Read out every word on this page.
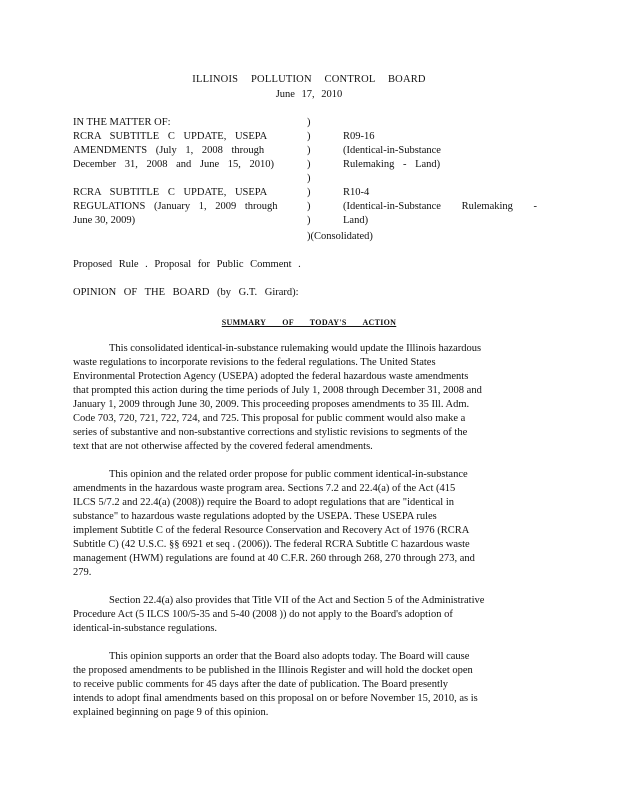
ILLINOIS POLLUTION CONTROL BOARD
June 17, 2010
IN THE MATTER OF:
RCRA SUBTITLE C UPDATE, USEPA
AMENDMENTS (July 1, 2008 through
December 31, 2008 and June 15, 2010)
RCRA SUBTITLE C UPDATE, USEPA
REGULATIONS (January 1, 2009 through
June 30, 2009)
)
)
)
)
)
)
)
)
)(Consolidated)
R09-16
(Identical-in-Substance
Rulemaking - Land)
R10-4
(Identical-in-Substance Rulemaking -
Land)
Proposed Rule . Proposal for Public Comment .
OPINION OF THE BOARD (by G.T. Girard):
SUMMARY OF TODAY'S ACTION
This consolidated identical-in-substance rulemaking would update the Illinois hazardous
waste regulations to incorporate revisions to the federal regulations. The United States
Environmental Protection Agency (USEPA) adopted the federal hazardous waste amendments
that prompted this action during the time periods of July 1, 2008 through December 31, 2008 and
January 1, 2009 through June 30, 2009. This proceeding proposes amendments to 35 Ill. Adm.
Code 703, 720, 721, 722, 724, and 725. This proposal for public comment would also make a
series of substantive and non-substantive corrections and stylistic revisions to segments of the
text that are not otherwise affected by the covered federal amendments.
This opinion and the related order propose for public comment identical-in-substance
amendments in the hazardous waste program area. Sections 7.2 and 22.4(a) of the Act (415
ILCS 5/7.2 and 22.4(a) (2008)) require the Board to adopt regulations that are "identical in
substance" to hazardous waste regulations adopted by the USEPA. These USEPA rules
implement Subtitle C of the federal Resource Conservation and Recovery Act of 1976 (RCRA
Subtitle C) (42 U.S.C. §§ 6921 et seq . (2006)). The federal RCRA Subtitle C hazardous waste
management (HWM) regulations are found at 40 C.F.R. 260 through 268, 270 through 273, and
279.
Section 22.4(a) also provides that Title VII of the Act and Section 5 of the Administrative
Procedure Act (5 ILCS 100/5-35 and 5-40 (2008 )) do not apply to the Board's adoption of
identical-in-substance regulations.
This opinion supports an order that the Board also adopts today. The Board will cause
the proposed amendments to be published in the Illinois Register and will hold the docket open
to receive public comments for 45 days after the date of publication. The Board presently
intends to adopt final amendments based on this proposal on or before November 15, 2010, as is
explained beginning on page 9 of this opinion.
